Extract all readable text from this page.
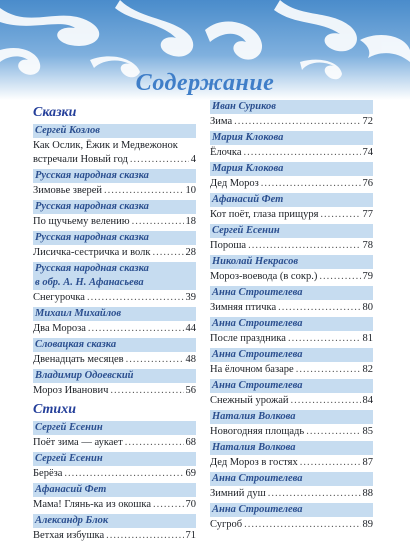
Содержание
Сказки
Сергей Козлов
Как Ослик, Ёжик и Медвежонок
встречали Новый год .....	4
Русская народная сказка
Зимовье зверей .....	10
Русская народная сказка
По щучьему велению .....	18
Русская народная сказка
Лисичка-сестричка и волк .....	28
Русская народная сказка
в обр. А. Н. Афанасьева
Снегурочка .....	39
Михаил Михайлов
Два Мороза .....	44
Словацкая сказка
Двенадцать месяцев .....	48
Владимир Одоевский
Мороз Иванович .....	56
Стихи
Сергей Есенин
Поёт зима — аукает .....	68
Сергей Есенин
Берёза .....	69
Афанасий Фет
Мама! Глянь-ка из окошка .....	70
Александр Блок
Ветхая избушка .....	71
Иван Суриков
Зима .....	72
Мария Клокова
Ёлочка .....	74
Мария Клокова
Дед Мороз .....	76
Афанасий Фет
Кот поёт, глаза прищуря .....	77
Сергей Есенин
Пороша .....	78
Николай Некрасов
Мороз-воевода (в сокр.) .....	79
Анна Строителева
Зимняя птичка .....	80
Анна Строителева
После праздника .....	81
Анна Строителева
На ёлочном базаре .....	82
Анна Строителева
Снежный урожай .....	84
Наталия Волкова
Новогодняя площадь .....	85
Наталия Волкова
Дед Мороз в гостях .....	87
Анна Строителева
Зимний душ .....	88
Анна Строителева
Сугроб .....	89
